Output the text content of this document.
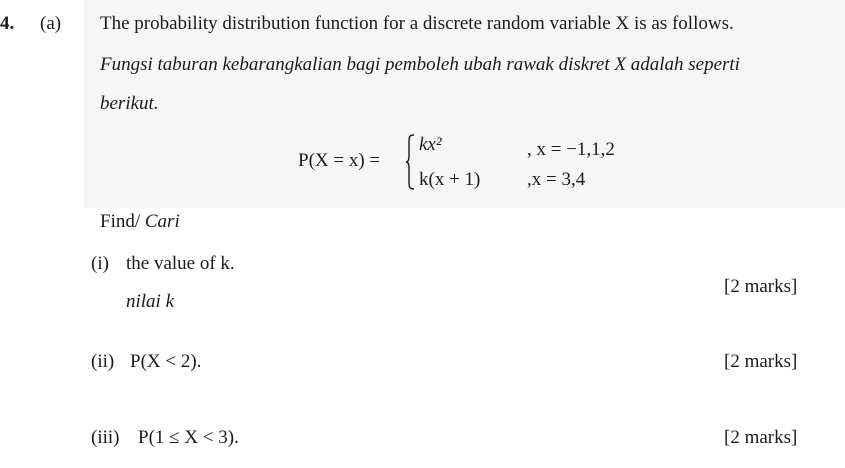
4. (a) The probability distribution function for a discrete random variable X is as follows.
Fungsi taburan kebarangkalian bagi pemboleh ubah rawak diskret X adalah seperti
berikut.
P(X = x) =
kx²	, x = −1,1,2
k(x + 1) ,x = 3,4
Find/ Cari
(i) the value of k.
nilai k
[2 marks]
(ii) P(X < 2).	[2 marks]
(iii) P(1 ≤ X < 3).	[2 marks]
